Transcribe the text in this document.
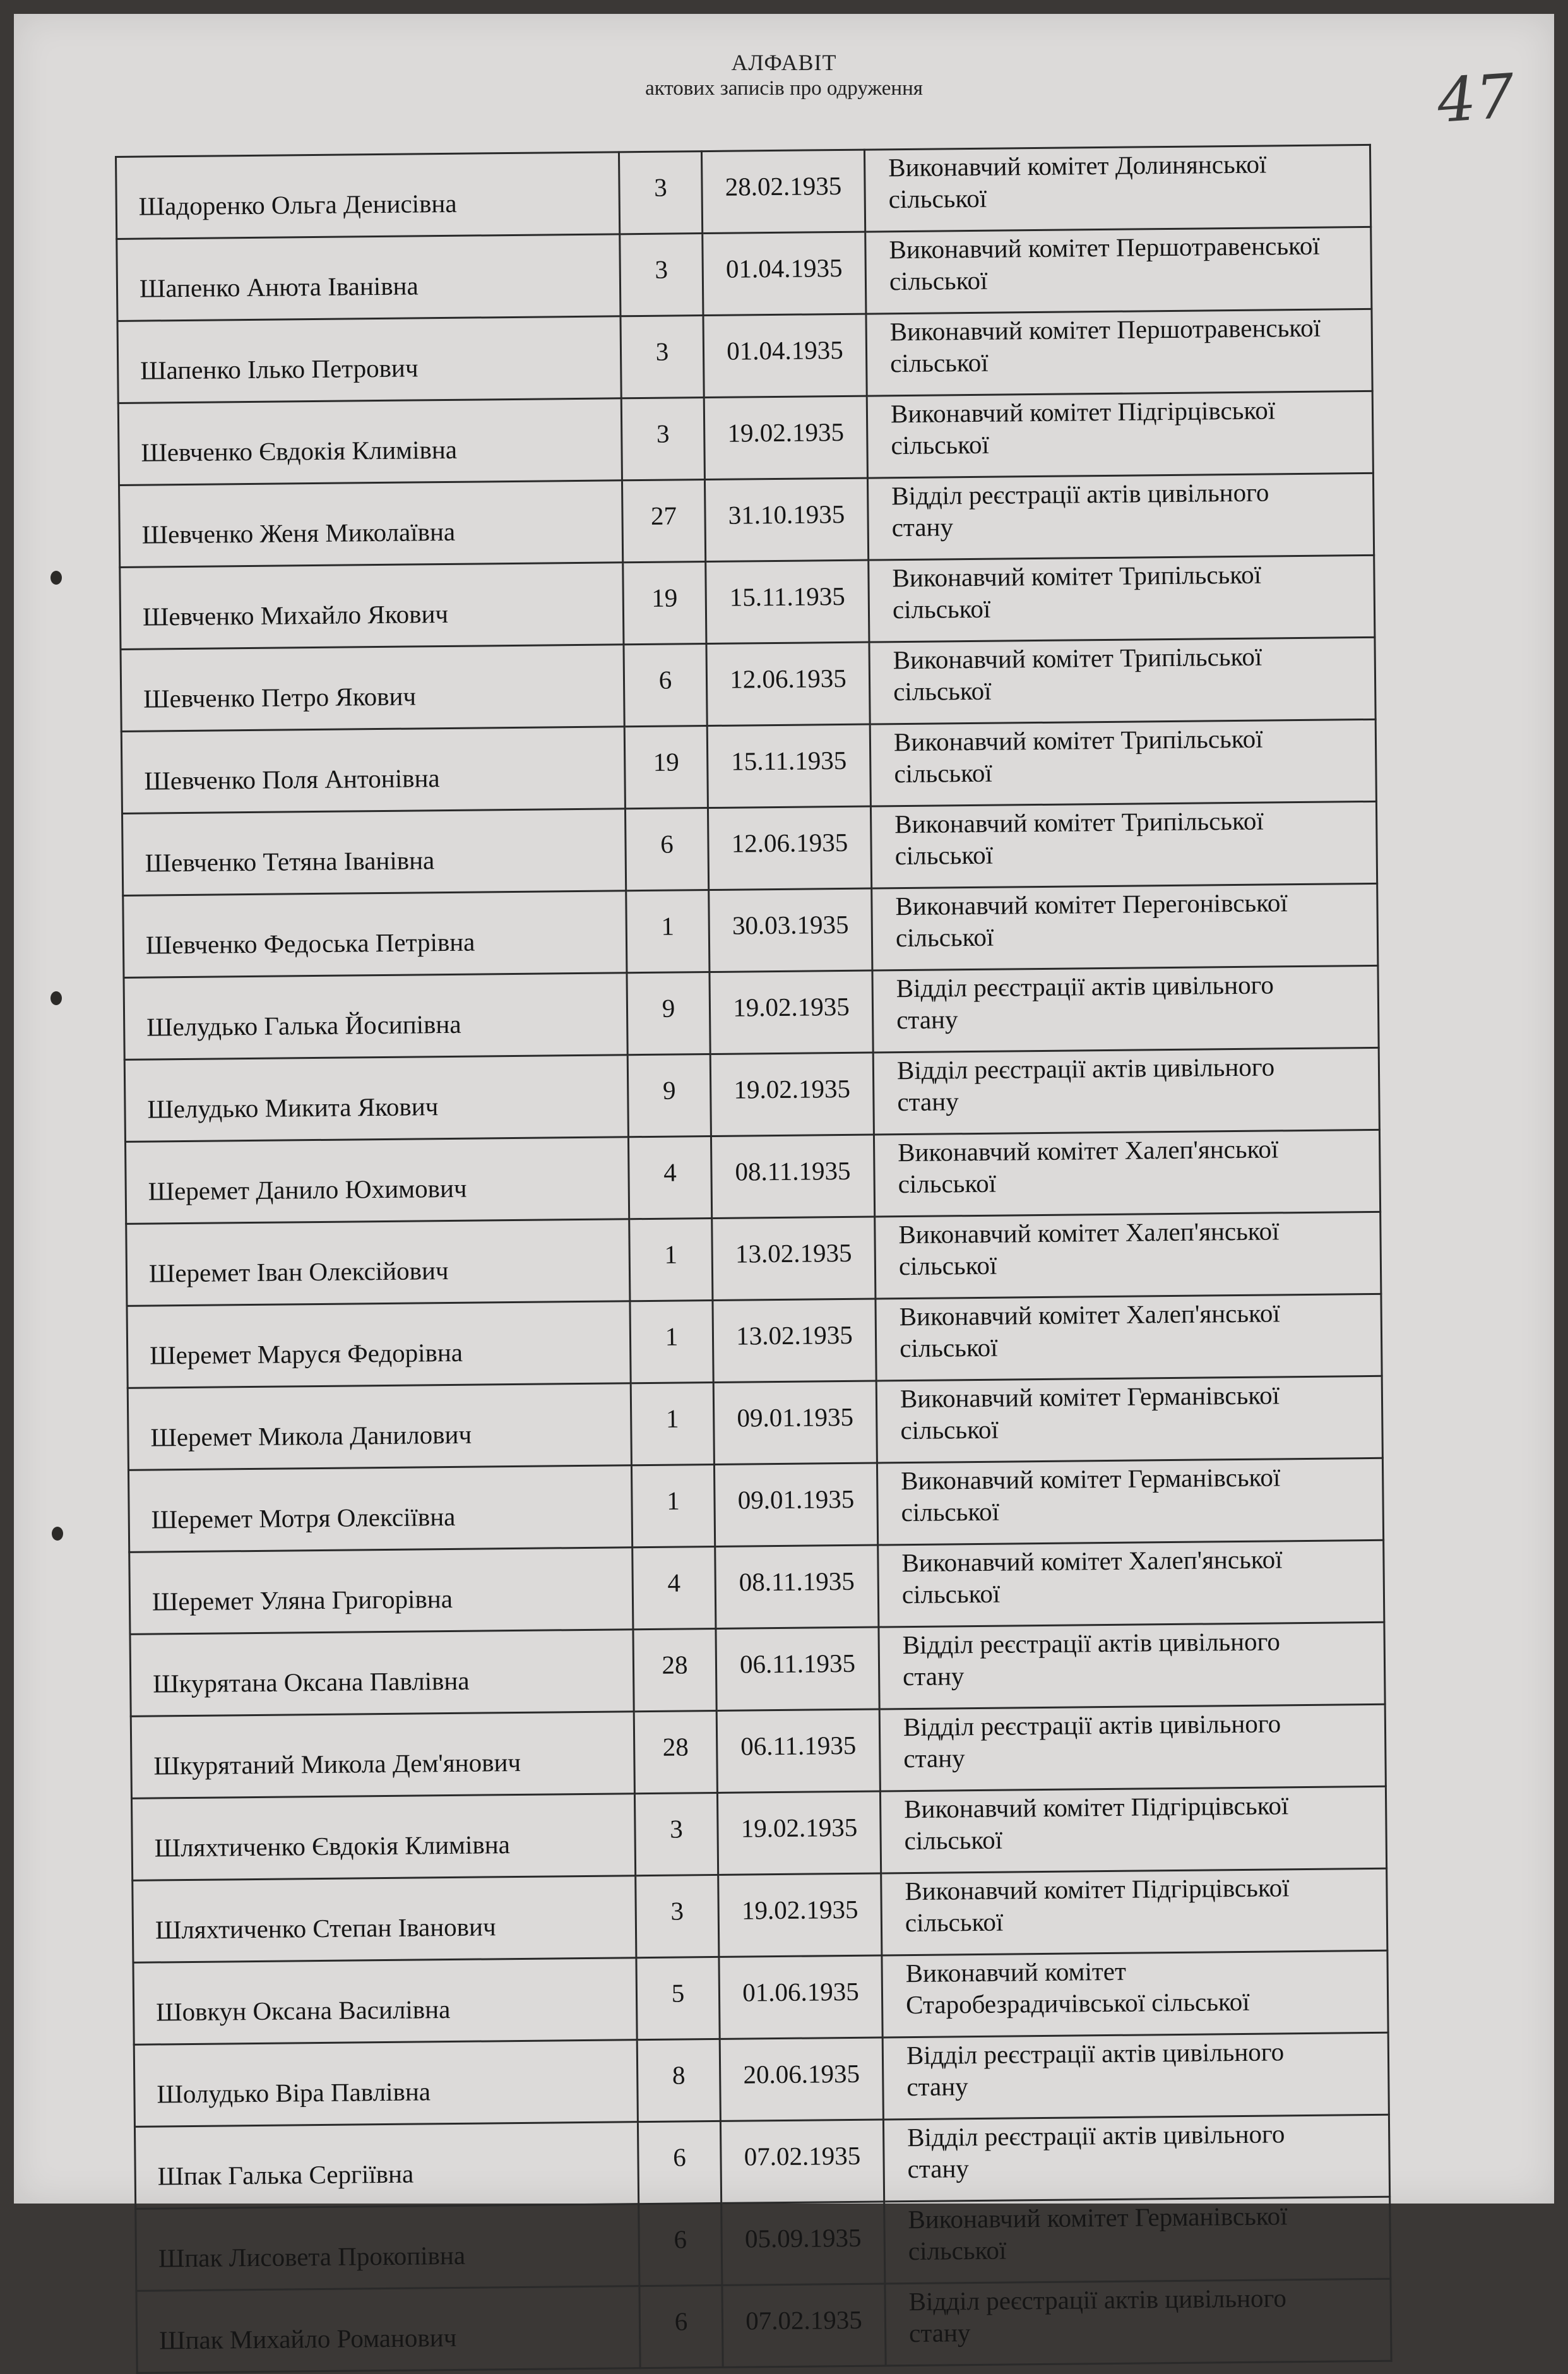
АЛФАВІТ
актових записів про одруження	47
Шадоренко Ольга Денисівна	3	28.02.1935	Виконавчий комітет Долинянської
сільської

Шапенко Анюта Іванівна	3	01.04.1935	Виконавчий комітет Першотравенської
сільської

Шапенко Ілько Петрович	3	01.04.1935	Виконавчий комітет Першотравенської
сільської

Шевченко Євдокія Климівна	3	19.02.1935	Виконавчий комітет Підгірцівської
сільської

Шевченко Женя Миколаївна	27	31.10.1935	Відділ реєстрації актів цивільного
стану

Шевченко Михайло Якович	19	15.11.1935	Виконавчий комітет Трипільської
сільської

Шевченко Петро Якович	6	12.06.1935	Виконавчий комітет Трипільської
сільської

Шевченко Поля Антонівна	19	15.11.1935	Виконавчий комітет Трипільської
сільської

Шевченко Тетяна Іванівна	6	12.06.1935	Виконавчий комітет Трипільської
сільської

Шевченко Федоська Петрівна	1	30.03.1935	Виконавчий комітет Перегонівської
сільської

Шелудько Галька Йосипівна	9	19.02.1935	Відділ реєстрації актів цивільного
стану

Шелудько Микита Якович	9	19.02.1935	Відділ реєстрації актів цивільного
стану

Шеремет Данило Юхимович	4	08.11.1935	Виконавчий комітет Халеп'янської
сільської

Шеремет Іван Олексійович	1	13.02.1935	Виконавчий комітет Халеп'янської
сільської

Шеремет Маруся Федорівна	1	13.02.1935	Виконавчий комітет Халеп'янської
сільської

Шеремет Микола Данилович	1	09.01.1935	Виконавчий комітет Германівської
сільської

Шеремет Мотря Олексіївна	1	09.01.1935	Виконавчий комітет Германівської
сільської

Шеремет Уляна Григорівна	4	08.11.1935	Виконавчий комітет Халеп'янської
сільської

Шкурятана Оксана Павлівна	28	06.11.1935	Відділ реєстрації актів цивільного
стану

Шкурятаний Микола Дем'янович	28	06.11.1935	Відділ реєстрації актів цивільного
стану

Шляхтиченко Євдокія Климівна	3	19.02.1935	Виконавчий комітет Підгірцівської
сільської

Шляхтиченко Степан Іванович	3	19.02.1935	Виконавчий комітет Підгірцівської
сільської

Шовкун Оксана Василівна	5	01.06.1935	Виконавчий комітет
Старобезрадичівської сільської

Шолудько Віра Павлівна	8	20.06.1935	Відділ реєстрації актів цивільного
стану

Шпак Галька Сергіївна	6	07.02.1935	Відділ реєстрації актів цивільного
стану

Шпак Лисовета Прокопівна	6	05.09.1935	Виконавчий комітет Германівської
сільської

Шпак Михайло Романович	6	07.02.1935	Відділ реєстрації актів цивільного
стану
